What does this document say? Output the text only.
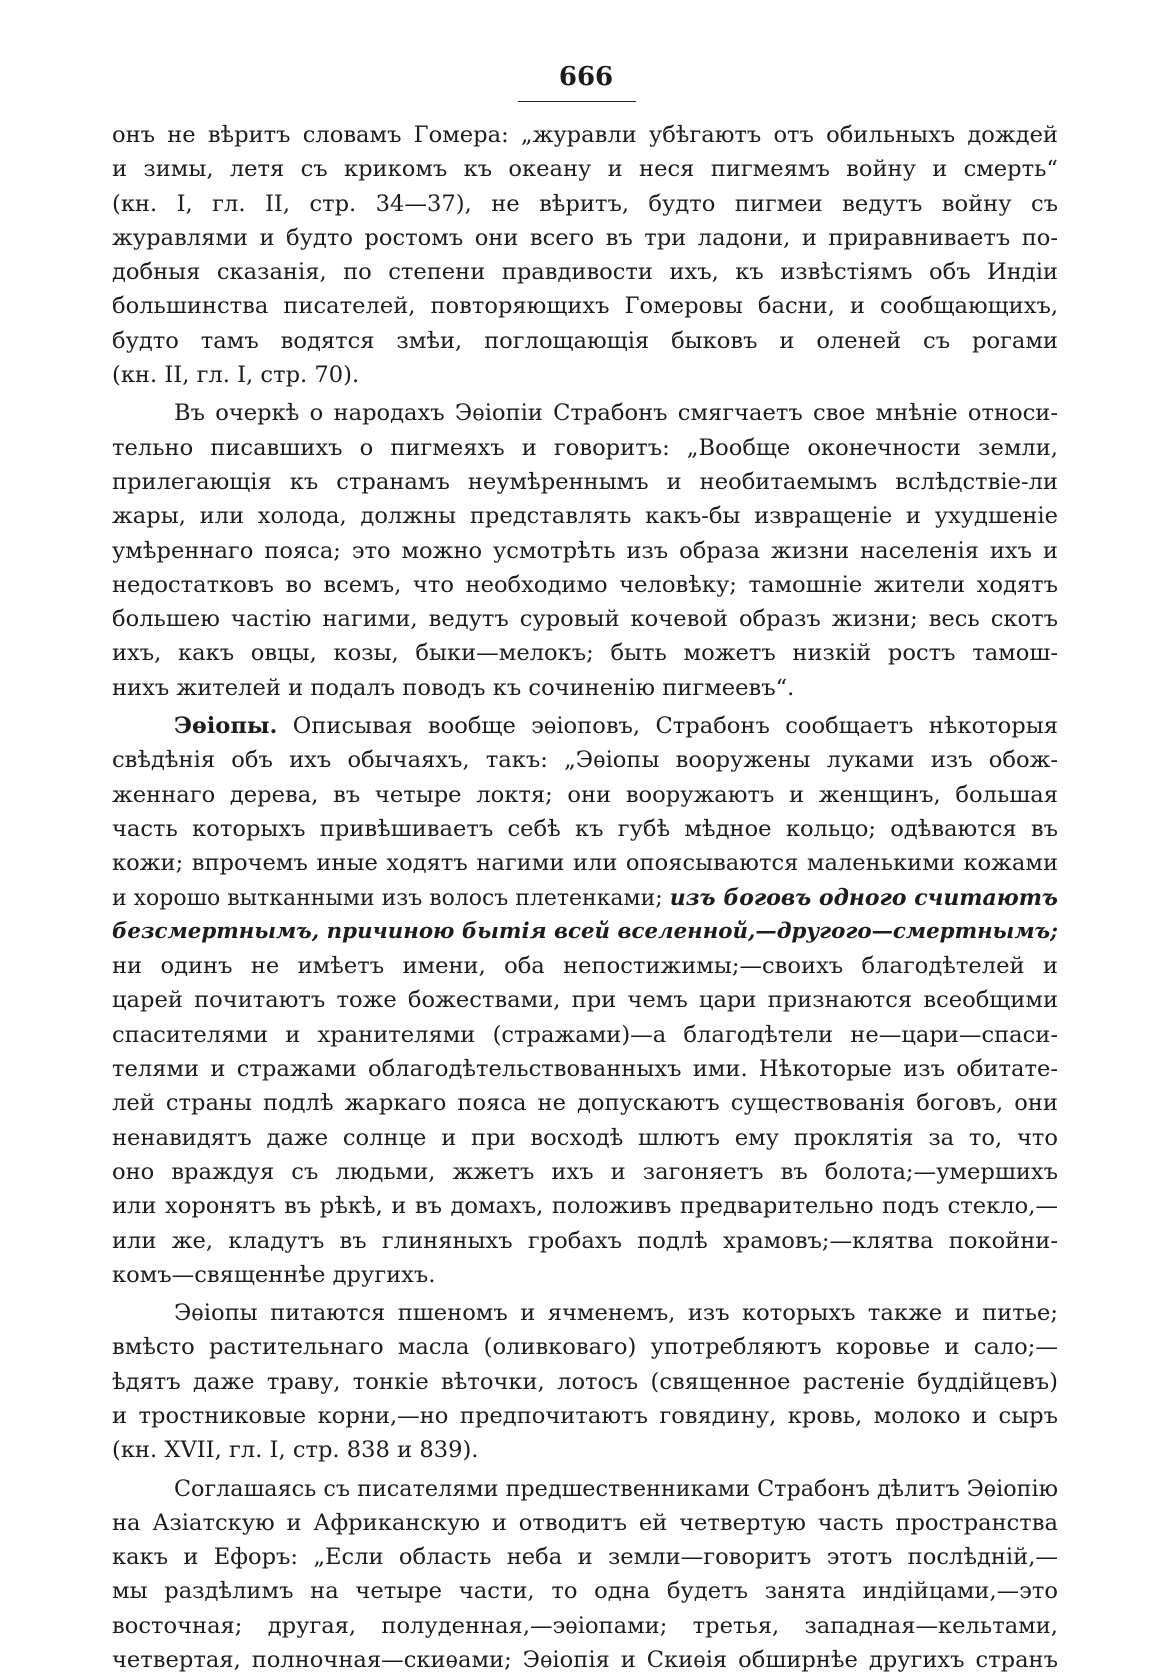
666
онъ не вѣритъ словамъ Гомера: „журавли убѣгаютъ отъ обильныхъ дождей
и зимы, летя съ крикомъ къ океану и неся пигмеямъ войну и смерть“
(кн. I, гл. II, стр. 34—37), не вѣритъ, будто пигмеи ведутъ войну съ
журавлями и будто ростомъ они всего въ три ладони, и приравниваетъ по-
добныя сказанія, по степени правдивости ихъ, къ извѣстіямъ объ Индіи
большинства писателей, повторяющихъ Гомеровы басни, и сообщающихъ,
будто тамъ водятся змѣи, поглощающія быковъ и оленей съ рогами
(кн. II, гл. I, стр. 70).
Въ очеркѣ о народахъ Эѳіопіи Страбонъ смягчаетъ свое мнѣніе относи-
тельно писавшихъ о пигмеяхъ и говоритъ: „Вообще оконечности земли,
прилегающія къ странамъ неумѣреннымъ и необитаемымъ вслѣдствіе-ли
жары, или холода, должны представлять какъ-бы извращеніе и ухудшеніе
умѣреннаго пояса; это можно усмотрѣть изъ образа жизни населенія ихъ и
недостатковъ во всемъ, что необходимо человѣку; тамошніе жители ходятъ
большею частію нагими, ведутъ суровый кочевой образъ жизни; весь скотъ
ихъ, какъ овцы, козы, быки—мелокъ; быть можетъ низкій ростъ тамош-
нихъ жителей и подалъ поводъ къ сочиненію пигмеевъ“.
Эѳіопы. Описывая вообще эѳіоповъ, Страбонъ сообщаетъ нѣкоторыя
свѣдѣнія объ ихъ обычаяхъ, такъ: „Эѳіопы вооружены луками изъ обож-
женнаго дерева, въ четыре локтя; они вооружаютъ и женщинъ, большая
часть которыхъ привѣшиваетъ себѣ къ губѣ мѣдное кольцо; одѣваются въ
кожи; впрочемъ иные ходятъ нагими или опоясываются маленькими кожами
и хорошо вытканными изъ волосъ плетенками; изъ боговъ одного считаютъ
безсмертнымъ, причиною бытія всей вселенной,—другого—смертнымъ;
ни одинъ не имѣетъ имени, оба непостижимы;—своихъ благодѣтелей и
царей почитаютъ тоже божествами, при чемъ цари признаются всеобщими
спасителями и хранителями (стражами)—а благодѣтели не—цари—спаси-
телями и стражами облагодѣтельствованныхъ ими. Нѣкоторые изъ обитате-
лей страны подлѣ жаркаго пояса не допускаютъ существованія боговъ, они
ненавидятъ даже солнце и при восходѣ шлютъ ему проклятія за то, что
оно враждуя съ людьми, жжетъ ихъ и загоняетъ въ болота;—умершихъ
или хоронятъ въ рѣкѣ, и въ домахъ, положивъ предварительно подъ стекло,—
или же, кладутъ въ глиняныхъ гробахъ подлѣ храмовъ;—клятва покойни-
комъ—священнѣе другихъ.
Эѳіопы питаются пшеномъ и ячменемъ, изъ которыхъ также и питье;
вмѣсто растительнаго масла (оливковаго) употребляютъ коровье и сало;—
ѣдятъ даже траву, тонкіе вѣточки, лотосъ (священное растеніе буддійцевъ)
и тростниковые корни,—но предпочитаютъ говядину, кровь, молоко и сыръ
(кн. XVII, гл. I, стр. 838 и 839).
Соглашаясь съ писателями предшественниками Страбонъ дѣлитъ Эѳіопію
на Азіатскую и Африканскую и отводитъ ей четвертую часть пространства
какъ и Ефоръ: „Если область неба и земли—говоритъ этотъ послѣдній,—
мы раздѣлимъ на четыре части, то одна будетъ занята индійцами,—это
восточная; другая, полуденная,—эѳіопами; третья, западная—кельтами,
четвертая, полночная—скиѳами; Эѳіопія и Скиѳія обширнѣе другихъ странъ
